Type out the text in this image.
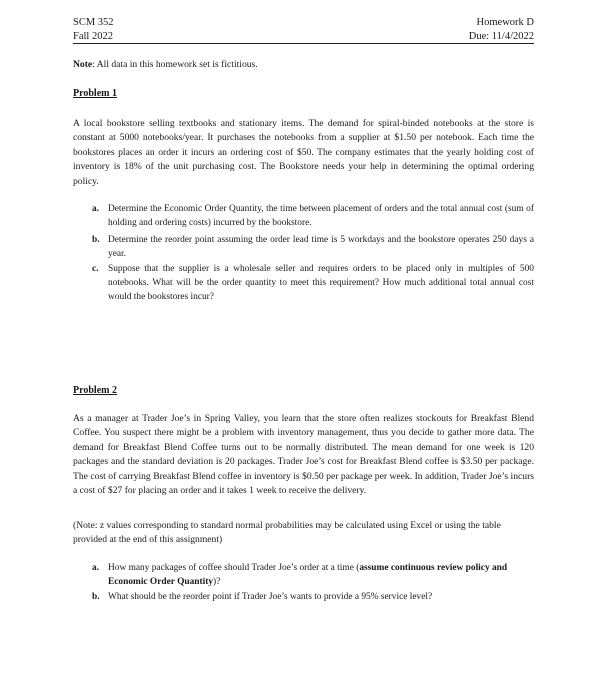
SCM 352
Fall 2022
Homework D
Due: 11/4/2022
Note: All data in this homework set is fictitious.
Problem 1
A local bookstore selling textbooks and stationary items. The demand for spiral-binded notebooks at the store is constant at 5000 notebooks/year. It purchases the notebooks from a supplier at $1.50 per notebook. Each time the bookstores places an order it incurs an ordering cost of $50. The company estimates that the yearly holding cost of inventory is 18% of the unit purchasing cost. The Bookstore needs your help in determining the optimal ordering policy.
a. Determine the Economic Order Quantity, the time between placement of orders and the total annual cost (sum of holding and ordering costs) incurred by the bookstore.
b. Determine the reorder point assuming the order lead time is 5 workdays and the bookstore operates 250 days a year.
c. Suppose that the supplier is a wholesale seller and requires orders to be placed only in multiples of 500 notebooks. What will be the order quantity to meet this requirement? How much additional total annual cost would the bookstores incur?
Problem 2
As a manager at Trader Joe’s in Spring Valley, you learn that the store often realizes stockouts for Breakfast Blend Coffee. You suspect there might be a problem with inventory management, thus you decide to gather more data. The demand for Breakfast Blend Coffee turns out to be normally distributed. The mean demand for one week is 120 packages and the standard deviation is 20 packages. Trader Joe’s cost for Breakfast Blend coffee is $3.50 per package. The cost of carrying Breakfast Blend coffee in inventory is $0.50 per package per week. In addition, Trader Joe’s incurs a cost of $27 for placing an order and it takes 1 week to receive the delivery.
(Note: z values corresponding to standard normal probabilities may be calculated using Excel or using the table provided at the end of this assignment)
a. How many packages of coffee should Trader Joe’s order at a time (assume continuous review policy and Economic Order Quantity)?
b. What should be the reorder point if Trader Joe’s wants to provide a 95% service level?
